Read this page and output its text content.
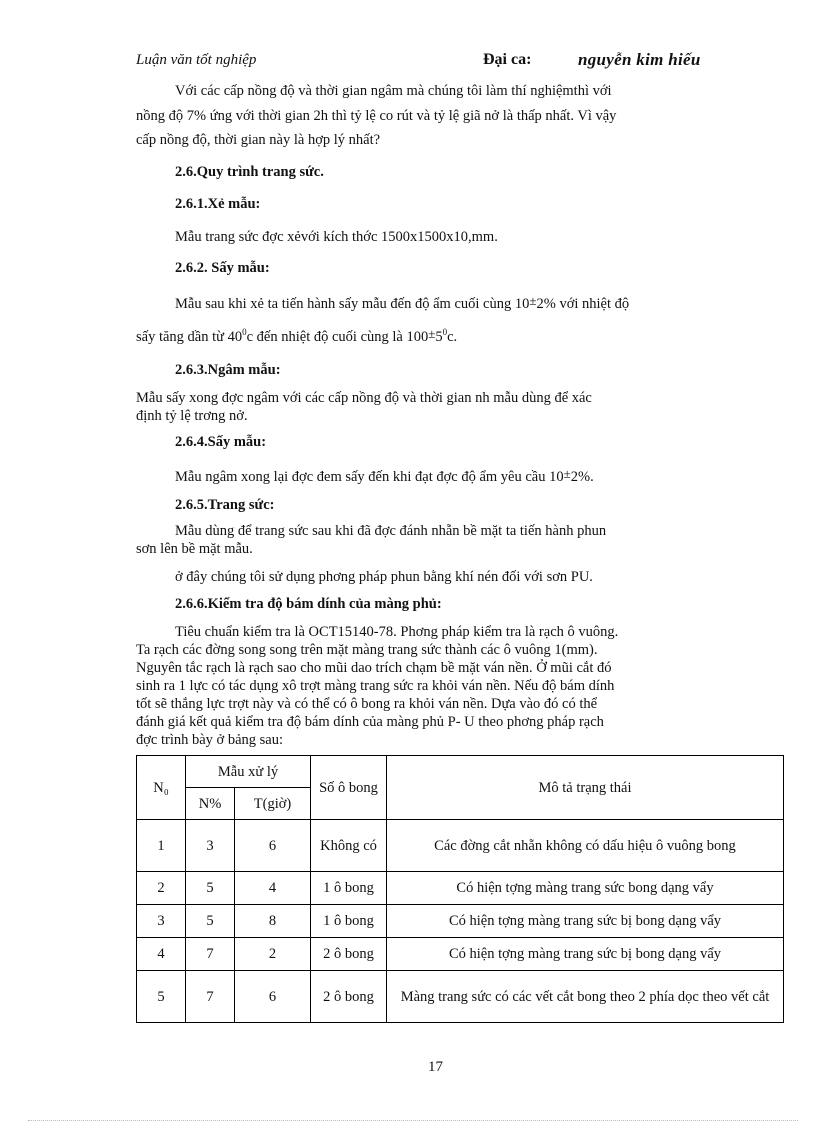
Luận văn tốt nghiệp	Đại ca:	nguyễn kim hiếu
Với các cấp nồng độ và thời gian ngâm mà chúng tôi làm thí nghiệmthì với
nồng độ 7% ứng với thời gian 2h thì tỷ lệ co rút và tỷ lệ giã nở là thấp nhất. Vì vậy
cấp nồng độ, thời gian này là hợp lý nhất?
2.6.Quy trình trang sức.
2.6.1.Xẻ mẫu:
Mẫu trang sức đợc xẻvới kích thớc 1500x1500x10,mm.
2.6.2. Sấy mẫu:
Mẫu sau khi xẻ ta tiến hành sấy mẫu đến độ ẩm cuối cùng 10±2% với nhiệt độ
sấy tăng dần từ $40^0c$ đến nhiệt độ cuối cùng là $100\pm 5^0c$.
2.6.3.Ngâm mẫu:
Mẫu sấy xong đợc ngâm với các cấp nồng độ và thời gian nh mẫu dùng để xác
định tỷ lệ trơng nở.
2.6.4.Sấy mẫu:
Mẫu ngâm xong lại đợc đem sấy đến khi đạt đợc độ ẩm yêu cầu 10±2%.
2.6.5.Trang sức:
Mẫu dùng để trang sức sau khi đã đợc đánh nhẵn bề mặt ta tiến hành phun
sơn lên bề mặt mẫu.
ở đây chúng tôi sử dụng phơng pháp phun bằng khí nén đối với sơn PU.
2.6.6.Kiểm tra độ bám dính của màng phủ:
Tiêu chuẩn kiểm tra là OCT15140-78. Phơng pháp kiểm tra là rạch ô vuông.
Ta rạch các đờng song song trên mặt màng trang sức thành các ô vuông 1(mm).
Nguyên tắc rạch là rạch sao cho mũi dao trích chạm bề mặt ván nền. Ở mũi cắt đó
sinh ra 1 lực có tác dụng xô trợt màng trang sức ra khỏi ván nền. Nếu độ bám dính
tốt sẽ thắng lực trợt này và có thể có ô bong ra khỏi ván nền. Dựa vào đó có thể
đánh giá kết quả kiểm tra độ bám dính của màng phủ P- U theo phơng pháp rạch
đợc trình bày ở bảng sau:
N₀	Mẫu xử lý		Số ô bong	Mô tả trạng thái
	N%	T(giờ)		
1	3	6	Không có	Các đờng cắt nhẵn không có dấu hiệu ô vuông bong
2	5	4	1 ô bong	Có hiện tợng màng trang sức bong dạng vẩy
3	5	8	1 ô bong	Có hiện tợng màng trang sức bị bong dạng vẩy
4	7	2	2 ô bong	Có hiện tợng màng trang sức bị bong dạng vẩy
5	7	6	2 ô bong	Màng trang sức có các vết cắt bong theo 2 phía dọc theo vết cắt
17
